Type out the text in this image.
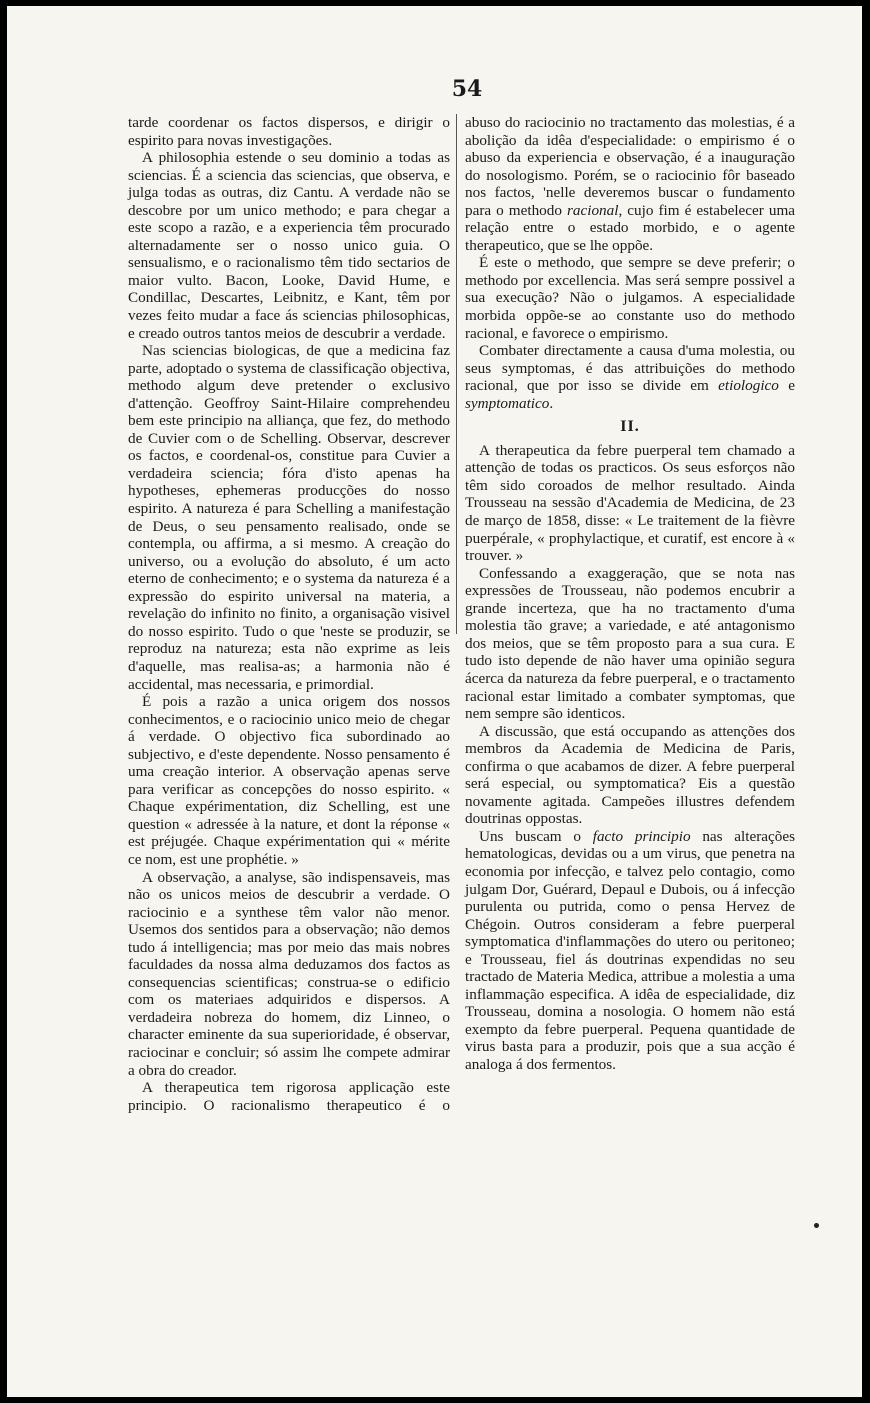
54

tarde coordenar os factos dispersos, e dirigir o espirito para novas investigações.

A philosophia estende o seu dominio a todas as sciencias. É a sciencia das sciencias, que observa, e julga todas as outras, diz Cantu. A verdade não se descobre por um unico methodo; e para chegar a este scopo a razão, e a experiencia têm procurado alternadamente ser o nosso unico guia. O sensualismo, e o racionalismo têm tido sectarios de maior vulto. Bacon, Looke, David Hume, e Condillac, Descartes, Leibnitz, e Kant, têm por vezes feito mudar a face ás sciencias philosophicas, e creado outros tantos meios de descubrir a verdade.

Nas sciencias biologicas, de que a medicina faz parte, adoptado o systema de classificação objectiva, methodo algum deve pretender o exclusivo d'attenção. Geoffroy Saint-Hilaire comprehendeu bem este principio na alliança, que fez, do methodo de Cuvier com o de Schelling. Observar, descrever os factos, e coordenal-os, constitue para Cuvier a verdadeira sciencia; fóra d'isto apenas ha hypotheses, ephemeras producções do nosso espirito. A natureza é para Schelling a manifestação de Deus, o seu pensamento realisado, onde se contempla, ou affirma, a si mesmo. A creação do universo, ou a evolução do absoluto, é um acto eterno de conhecimento; e o systema da natureza é a expressão do espirito universal na materia, a revelação do infinito no finito, a organisação visivel do nosso espirito. Tudo o que 'neste se produzir, se reproduz na natureza; esta não exprime as leis d'aquelle, mas realisa-as; a harmonia não é accidental, mas necessaria, e primordial.

É pois a razão a unica origem dos nossos conhecimentos, e o raciocinio unico meio de chegar á verdade. O objectivo fica subordinado ao subjectivo, e d'este dependente. Nosso pensamento é uma creação interior. A observação apenas serve para verificar as concepções do nosso espirito. « Chaque expérimentation, diz Schelling, est une question « adressée à la nature, et dont la réponse « est préjugée. Chaque expérimentation qui « mérite ce nom, est une prophétie. »

A observação, a analyse, são indispensaveis, mas não os unicos meios de descubrir a verdade. O raciocinio e a synthese têm valor não menor. Usemos dos sentidos para a observação; não demos tudo á intelligencia; mas por meio das mais nobres faculdades da nossa alma deduzamos dos factos as consequencias scientificas; construa-se o edificio com os materiaes adquiridos e dispersos. A verdadeira nobreza do homem, diz Linneo, o character eminente da sua superioridade, é observar, raciocinar e concluir; só assim lhe compete admirar a obra do creador.

A therapeutica tem rigorosa applicação este principio. O racionalismo therapeutico é o

abuso do raciocinio no tractamento das molestias, é a abolição da idêa d'especialidade: o empirismo é o abuso da experiencia e observação, é a inauguração do nosologismo. Porém, se o raciocinio fôr baseado nos factos, 'nelle deveremos buscar o fundamento para o methodo racional, cujo fim é estabelecer uma relação entre o estado morbido, e o agente therapeutico, que se lhe oppõe.

É este o methodo, que sempre se deve preferir; o methodo por excellencia. Mas será sempre possivel a sua execução? Não o julgamos. A especialidade morbida oppõe-se ao constante uso do methodo racional, e favorece o empirismo.

Combater directamente a causa d'uma molestia, ou seus symptomas, é das attribuições do methodo racional, que por isso se divide em etiologico e symptomatico.

II.

A therapeutica da febre puerperal tem chamado a attenção de todas os practicos. Os seus esforços não têm sido coroados de melhor resultado. Ainda Trousseau na sessão d'Academia de Medicina, de 23 de março de 1858, disse: « Le traitement de la fièvre puerpérale, « prophylactique, et curatif, est encore à « trouver. »

Confessando a exaggeração, que se nota nas expressões de Trousseau, não podemos encubrir a grande incerteza, que ha no tractamento d'uma molestia tão grave; a variedade, e até antagonismo dos meios, que se têm proposto para a sua cura. E tudo isto depende de não haver uma opinião segura ácerca da natureza da febre puerperal, e o tractamento racional estar limitado a combater symptomas, que nem sempre são identicos.

A discussão, que está occupando as attenções dos membros da Academia de Medicina de Paris, confirma o que acabamos de dizer. A febre puerperal será especial, ou symptomatica? Eis a questão novamente agitada. Campeões illustres defendem doutrinas oppostas.

Uns buscam o facto principio nas alterações hematologicas, devidas ou a um virus, que penetra na economia por infecção, e talvez pelo contagio, como julgam Dor, Guérard, Depaul e Dubois, ou á infecção purulenta ou putrida, como o pensa Hervez de Chégoin. Outros consideram a febre puerperal symptomatica d'inflammações do utero ou peritoneo; e Trousseau, fiel ás doutrinas expendidas no seu tractado de Materia Medica, attribue a molestia a uma inflammação especifica. A idêa de especialidade, diz Trousseau, domina a nosologia. O homem não está exempto da febre puerperal. Pequena quantidade de virus basta para a produzir, pois que a sua acção é analoga á dos fermentos.
